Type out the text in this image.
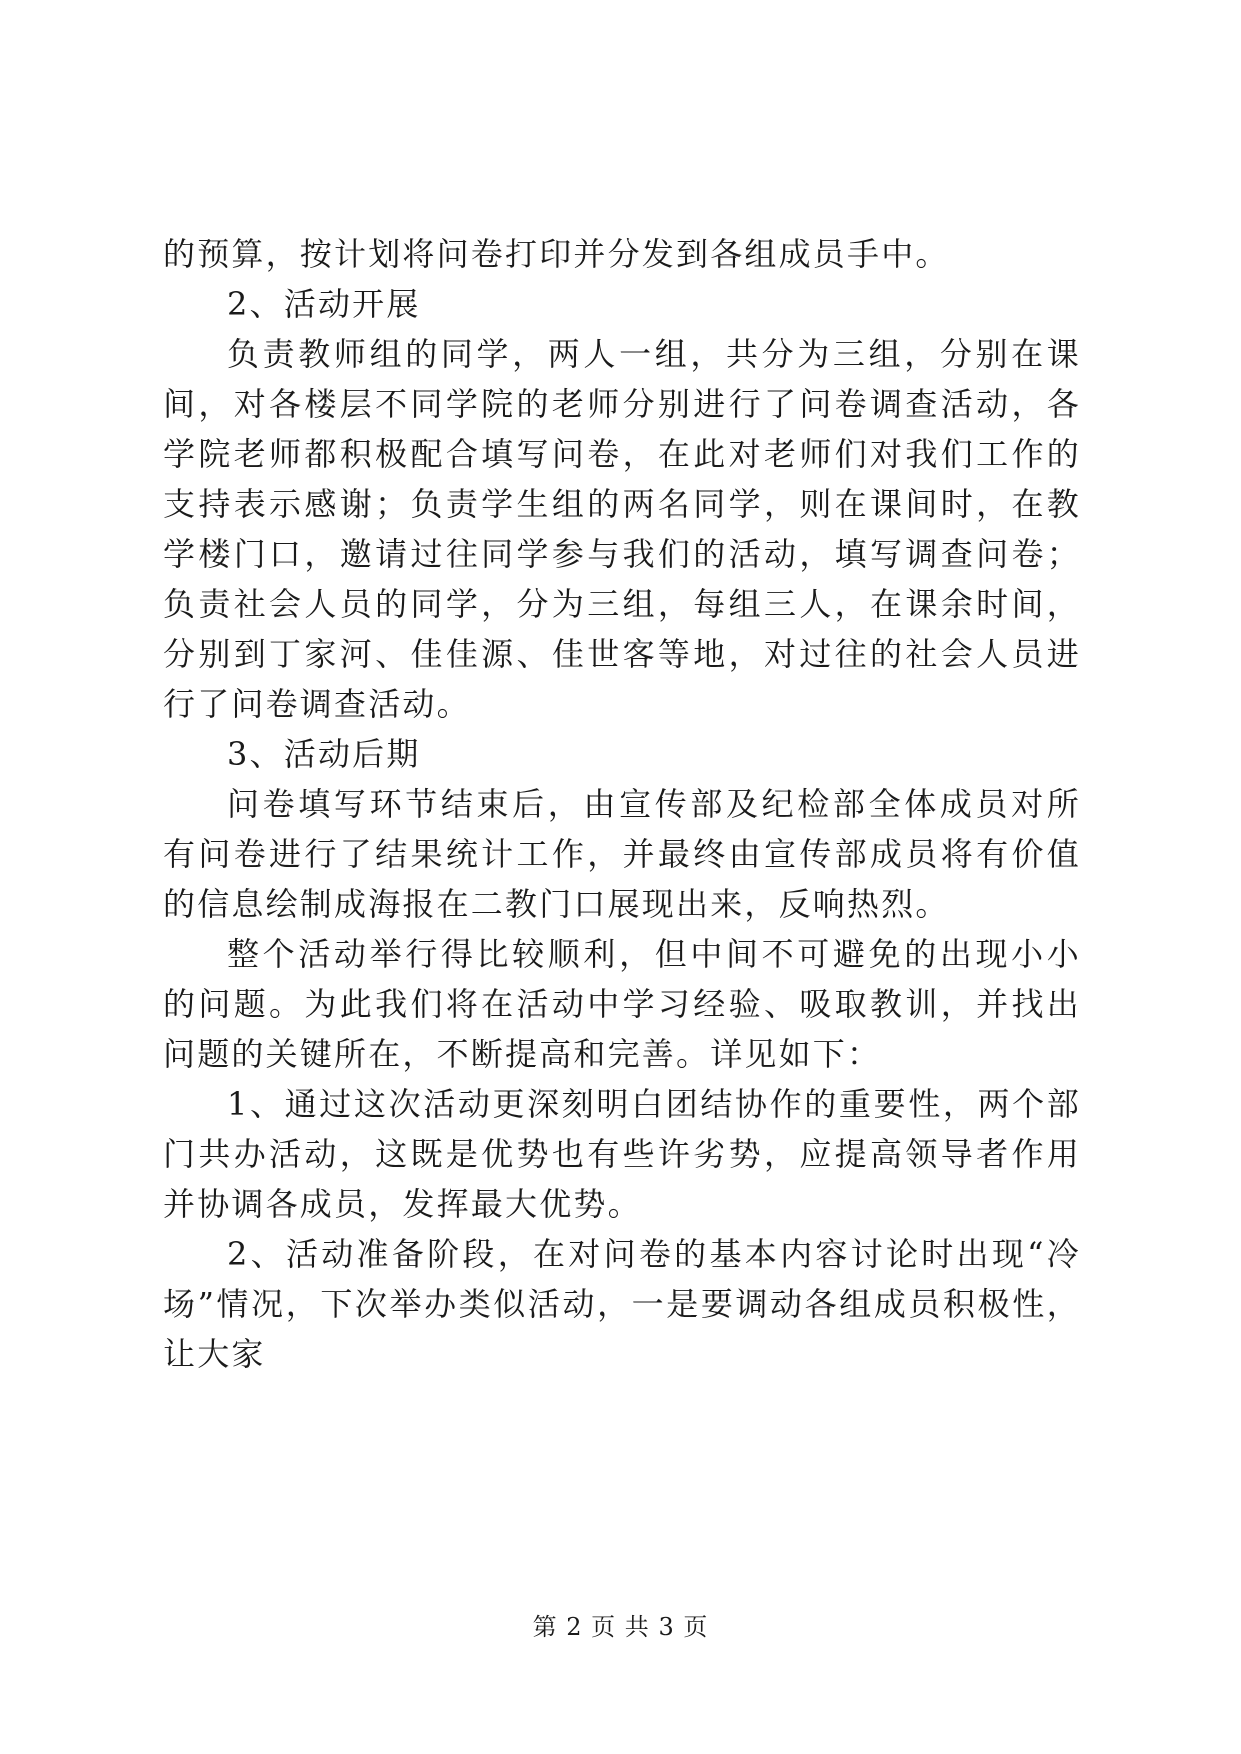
的预算，按计划将问卷打印并分发到各组成员手中。

2、活动开展

负责教师组的同学，两人一组，共分为三组，分别在课间，对各楼层不同学院的老师分别进行了问卷调查活动，各学院老师都积极配合填写问卷，在此对老师们对我们工作的支持表示感谢；负责学生组的两名同学，则在课间时，在教学楼门口，邀请过往同学参与我们的活动，填写调查问卷；负责社会人员的同学，分为三组，每组三人，在课余时间，分别到丁家河、佳佳源、佳世客等地，对过往的社会人员进行了问卷调查活动。

3、活动后期

问卷填写环节结束后，由宣传部及纪检部全体成员对所有问卷进行了结果统计工作，并最终由宣传部成员将有价值的信息绘制成海报在二教门口展现出来，反响热烈。

整个活动举行得比较顺利，但中间不可避免的出现小小的问题。为此我们将在活动中学习经验、吸取教训，并找出问题的关键所在，不断提高和完善。详见如下：

1、通过这次活动更深刻明白团结协作的重要性，两个部门共办活动，这既是优势也有些许劣势，应提高领导者作用并协调各成员，发挥最大优势。

2、活动准备阶段，在对问卷的基本内容讨论时出现“冷场”情况，下次举办类似活动，一是要调动各组成员积极性，让大家

第 2 页 共 3 页
